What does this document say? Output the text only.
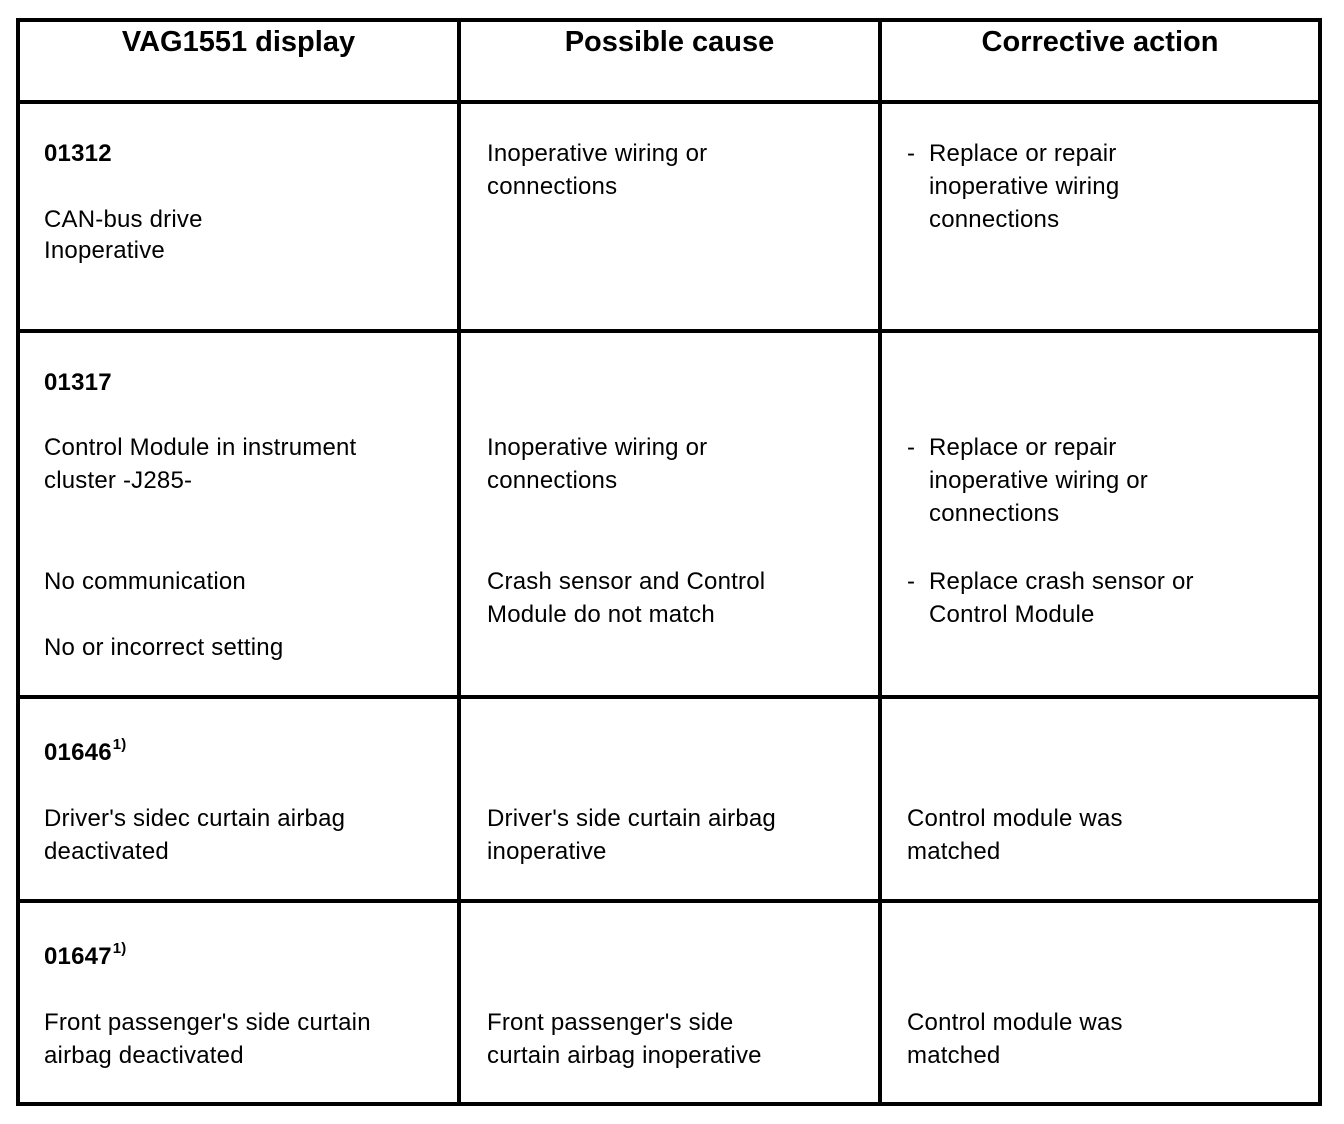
VAG1551 display	Possible cause	Corrective action
01312
CAN-bus drive
Inoperative
Inoperative wiring or
connections
- Replace or repair
inoperative wiring
connections
01317
Control Module in instrument
cluster -J285-
No communication
No or incorrect setting
Inoperative wiring or
connections
Crash sensor and Control
Module do not match
- Replace or repair
inoperative wiring or
connections
- Replace crash sensor or
Control Module
01646$^{1)}$
Driver's sidec curtain airbag
deactivated
Driver's side curtain airbag
inoperative
Control module was
matched
01647$^{1)}$
Front passenger's side curtain
airbag deactivated
Front passenger's side
curtain airbag inoperative
Control module was
matched
